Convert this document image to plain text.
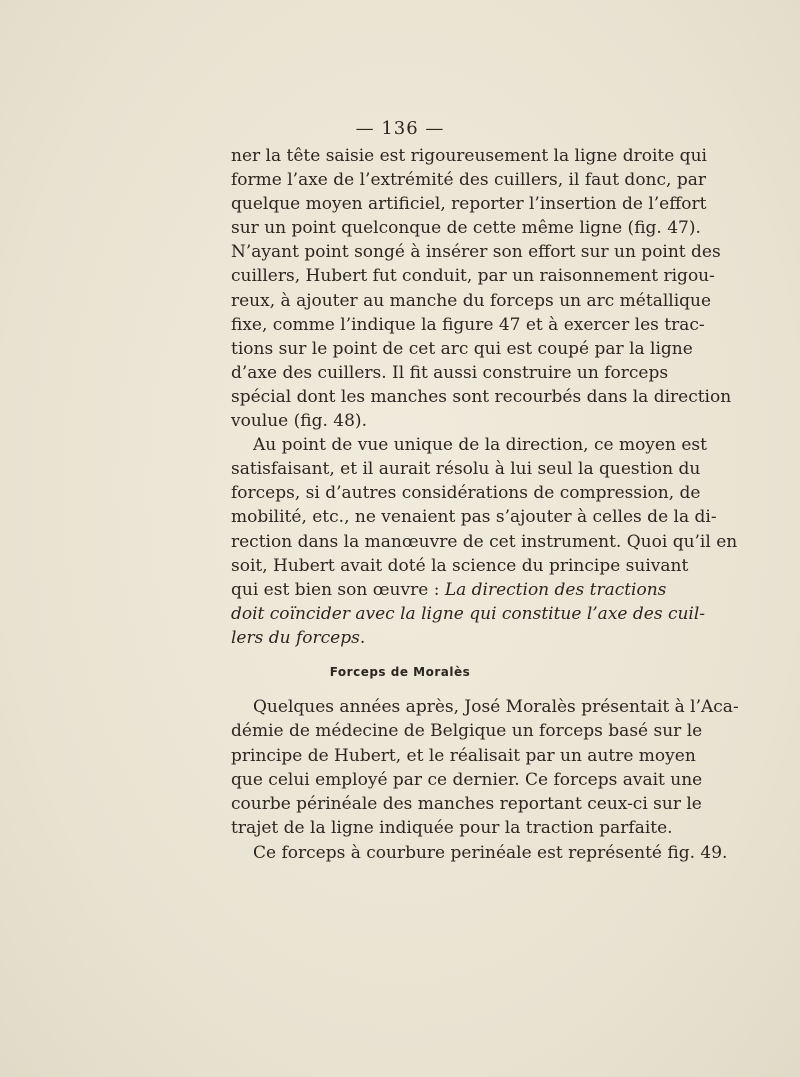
— 136 —
ner la tête saisie est rigoureusement la ligne droite qui
forme l’axe de l’extrémité des cuillers, il faut donc, par
quelque moyen artificiel, reporter l’insertion de l’effort
sur un point quelconque de cette même ligne (fig. 47).
N’ayant point songé à insérer son effort sur un point des
cuillers, Hubert fut conduit, par un raisonnement rigou-
reux, à ajouter au manche du forceps un arc métallique
fixe, comme l’indique la figure 47 et à exercer les trac-
tions sur le point de cet arc qui est coupé par la ligne
d’axe des cuillers. Il fit aussi construire un forceps
spécial dont les manches sont recourbés dans la direction
voulue (fig. 48).
Au point de vue unique de la direction, ce moyen est
satisfaisant, et il aurait résolu à lui seul la question du
forceps, si d’autres considérations de compression, de
mobilité, etc., ne venaient pas s’ajouter à celles de la di-
rection dans la manœuvre de cet instrument. Quoi qu’il en
soit, Hubert avait doté la science du principe suivant
qui est bien son œuvre : La direction des tractions
doit coïncider avec la ligne qui constitue l’axe des cuil-
lers du forceps.
Forceps de Moralès
Quelques années après, José Moralès présentait à l’Aca-
démie de médecine de Belgique un forceps basé sur le
principe de Hubert, et le réalisait par un autre moyen
que celui employé par ce dernier. Ce forceps avait une
courbe périnéale des manches reportant ceux-ci sur le
trajet de la ligne indiquée pour la traction parfaite.
Ce forceps à courbure perinéale est représenté fig. 49.
